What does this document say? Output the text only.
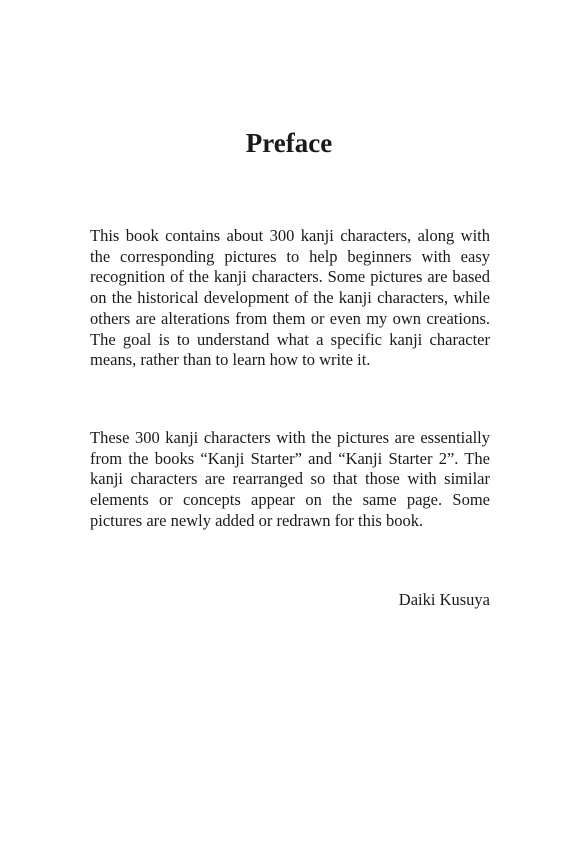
Preface

This book contains about 300 kanji characters, along with the corresponding pictures to help beginners with easy recognition of the kanji characters. Some pictures are based on the historical development of the kanji characters, while others are alterations from them or even my own creations. The goal is to understand what a specific kanji character means, rather than to learn how to write it.

These 300 kanji characters with the pictures are essentially from the books “Kanji Starter” and “Kanji Starter 2”. The kanji characters are rearranged so that those with similar elements or concepts appear on the same page. Some pictures are newly added or redrawn for this book.

Daiki Kusuya
